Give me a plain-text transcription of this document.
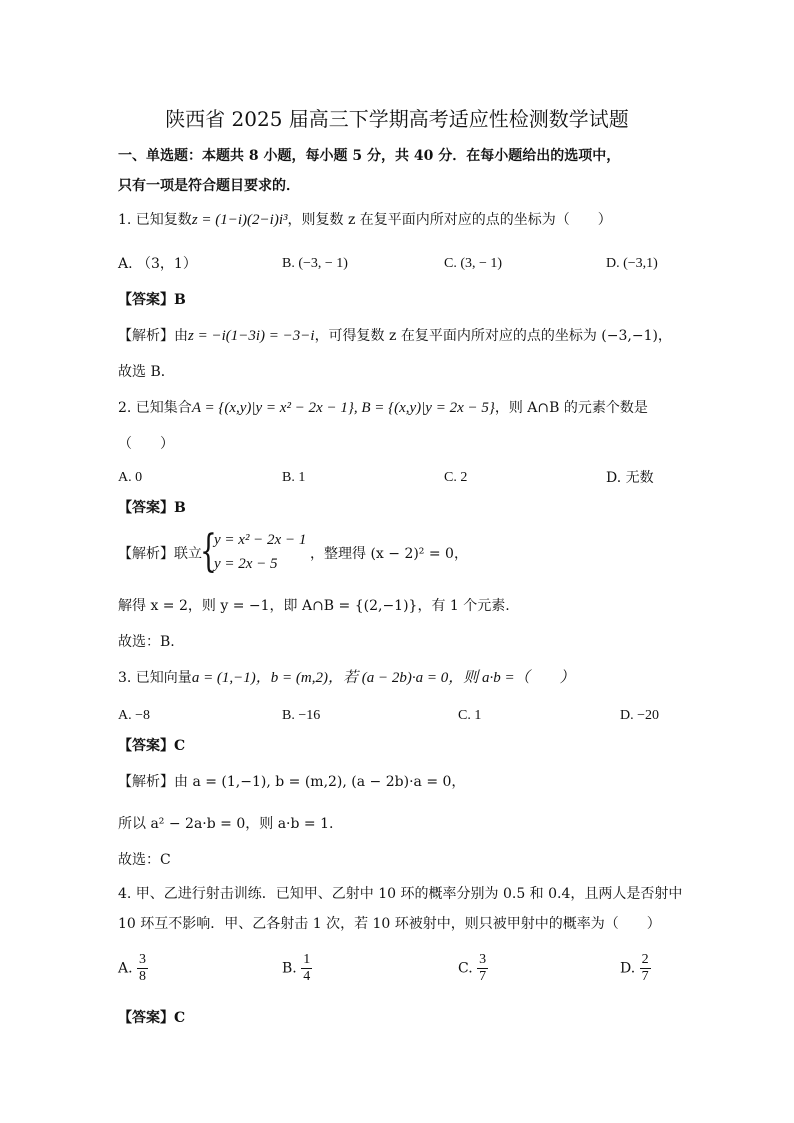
陕西省 2025 届高三下学期高考适应性检测数学试题
一、单选题：本题共 8 小题，每小题 5 分，共 40 分．在每小题给出的选项中，
只有一项是符合题目要求的．
1. 已知复数z = (1−i)(2−i)i³，则复数 z 在复平面内所对应的点的坐标为（　　）
A. （3，1）	B. (−3, − 1)	C. (3, − 1)	D. (−3,1)
【答案】B
【解析】由z = −i(1−3i) = −3−i，可得复数 z 在复平面内所对应的点的坐标为 (−3,−1)，
故选 B．
2. 已知集合A = {(x,y)|y = x² − 2x − 1}, B = {(x,y)|y = 2x − 5}，则 A∩B 的元素个数是
（　　）
A. 0	B. 1	C. 2	D. 无数
【答案】B
【解析】联立
{
y = x² − 2x − 1
y = 2x − 5
，整理得 (x − 2)² = 0，
解得 x = 2，则 y = −1，即 A∩B = {(2,−1)}，有 1 个元素.
故选：B.
3. 已知向量a = (1,−1)，b = (m,2)，若 (a − 2b)·a = 0，则 a·b =（　　）
A. −8	B. −16	C. 1	D. −20
【答案】C
【解析】由 a = (1,−1), b = (m,2), (a − 2b)·a = 0，
所以 a² − 2a·b = 0，则 a·b = 1.
故选：C
4. 甲、乙进行射击训练．已知甲、乙射中 10 环的概率分别为 0.5 和 0.4，且两人是否射中
10 环互不影响．甲、乙各射击 1 次，若 10 环被射中，则只被甲射中的概率为（　　）
A. $\frac{3}{8}$	B. $\frac{1}{4}$	C. $\frac{3}{7}$	D. $\frac{2}{7}$
【答案】C
